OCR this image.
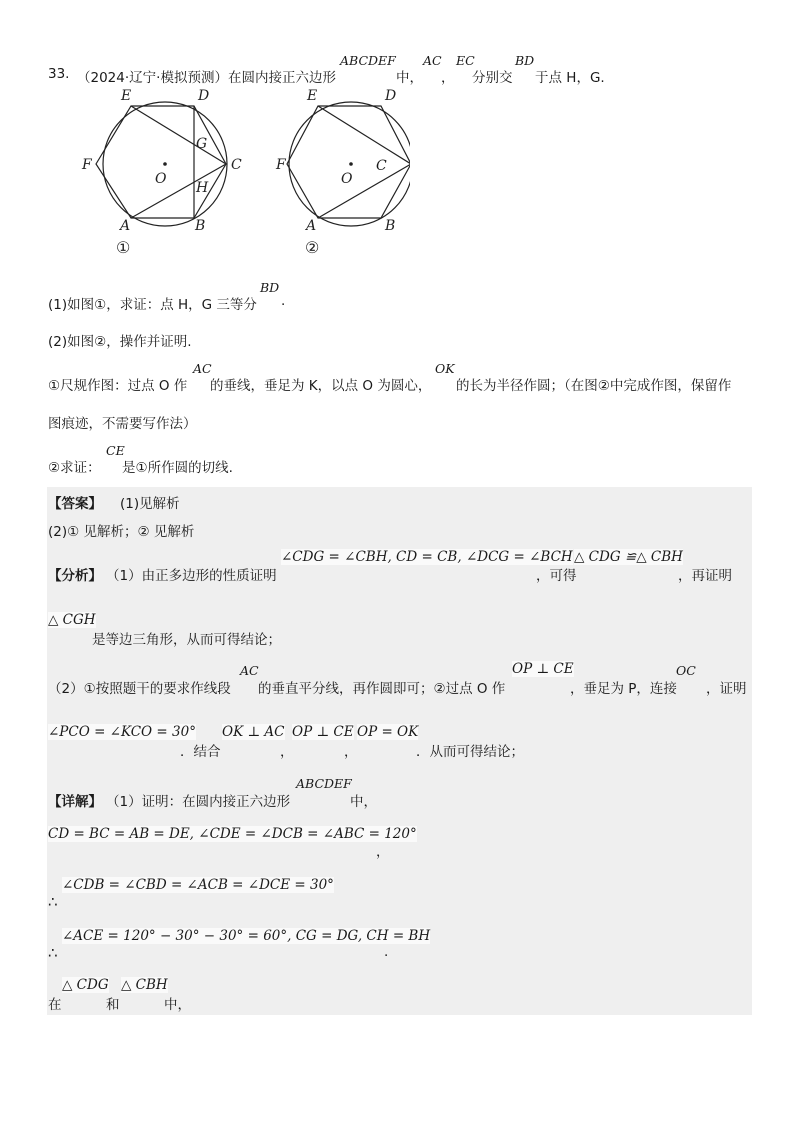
33. （2024·辽宁·模拟预测）在圆内接正六边形
ABCDEF
中，
AC
，
EC
分别交
BD
于点 H，G.
F
E	D
C
B
A
O
G
H
①
F
E	D
B
A
O
②
C
(1)如图①，求证：点 H，G 三等分
BD
.
(2)如图②，操作并证明.
①尺规作图：过点 O 作
AC
的垂线，垂足为 K，以点 O 为圆心，
OK
的长为半径作圆；（在图②中完成作图，保留作
图痕迹，不需要写作法）
②求证：
CE
是①所作圆的切线.
【答案】 (1)见解析
(2)① 见解析；② 见解析
【分析】 （1）由正多边形的性质证明
∠CDG = ∠CBH, CD = CB, ∠DCG = ∠BCH
，可得
△ CDG ≌△ CBH
，再证明
△ CGH
是等边三角形，从而可得结论；
（2）①按照题干的要求作线段
AC
的垂直平分线，再作圆即可；②过点 O 作
OP ⊥ CE
，垂足为 P，连接
OC
，证明
∠PCO = ∠KCO = 30°
．结合
OK ⊥ AC
，
OP ⊥ CE
，
OP = OK
．从而可得结论；
【详解】 （1）证明：在圆内接正六边形
ABCDEF
中，
CD = BC = AB = DE, ∠CDE = ∠DCB = ∠ABC = 120°
，
∠CDB = ∠CBD = ∠ACB = ∠DCE = 30°
∴
∠ACE = 120° − 30° − 30° = 60°, CG = DG, CH = BH
∴	.
在
△ CDG
和
△ CBH
中，
